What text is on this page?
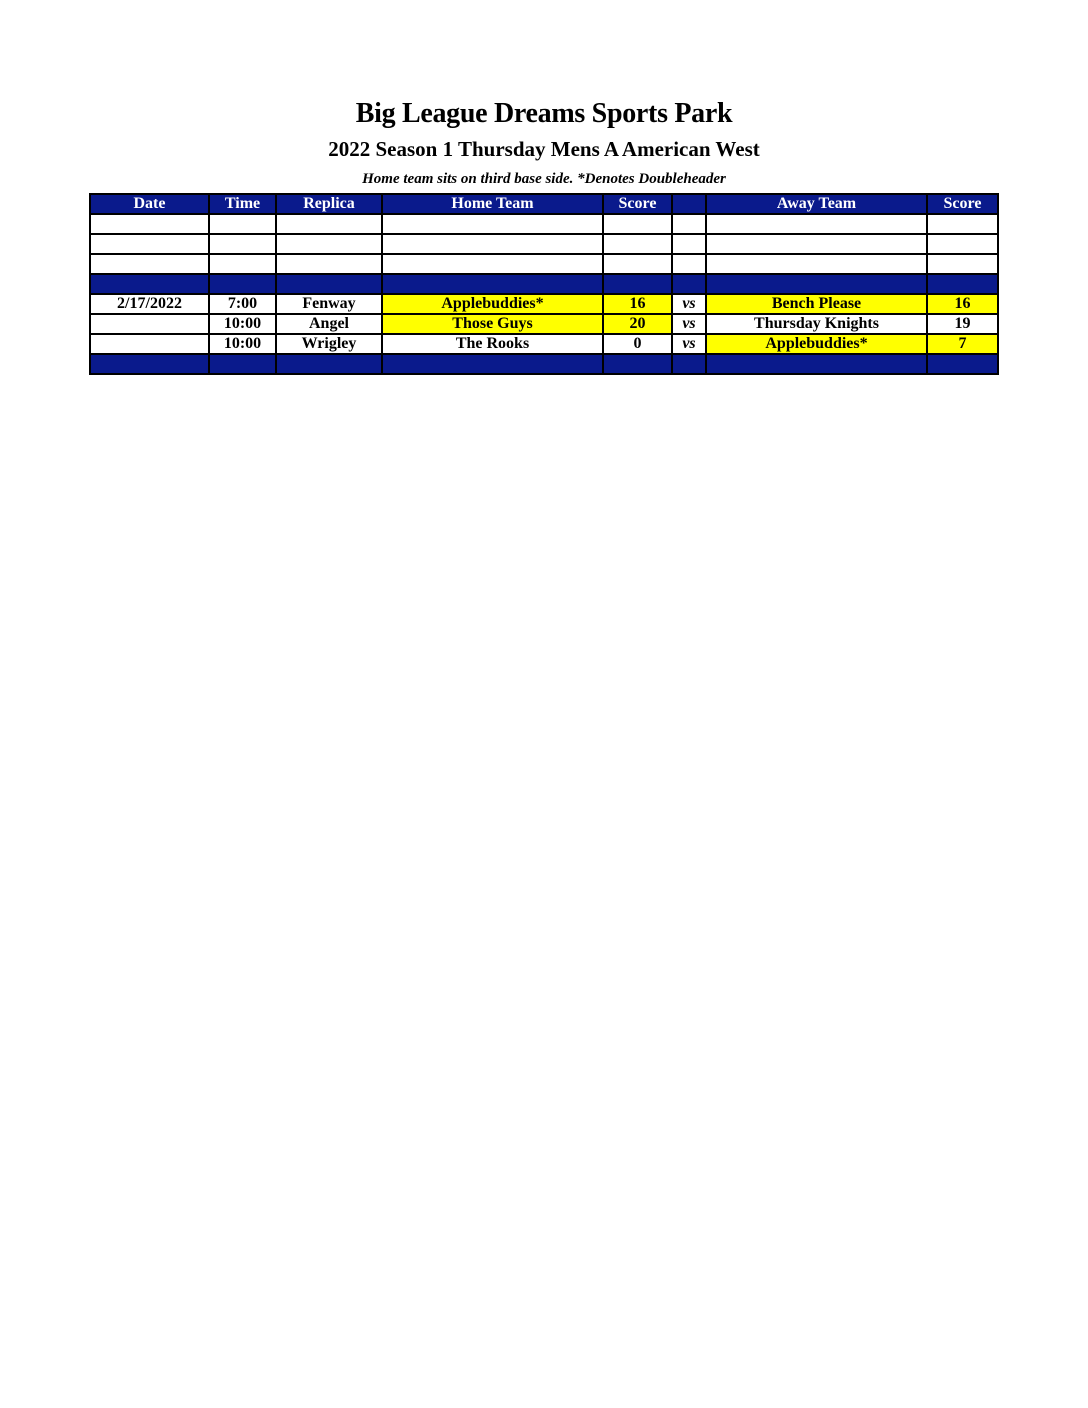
Big League Dreams Sports Park
2022 Season 1 Thursday Mens A American West
Home team sits on third base side. *Denotes Doubleheader
Date	Time	Replica	Home Team	Score		Away Team	Score

2/17/2022	7:00	Fenway	Applebuddies*	16	vs	Bench Please	16
	10:00	Angel	Those Guys	20	vs	Thursday Knights	19
	10:00	Wrigley	The Rooks	0	vs	Applebuddies*	7
